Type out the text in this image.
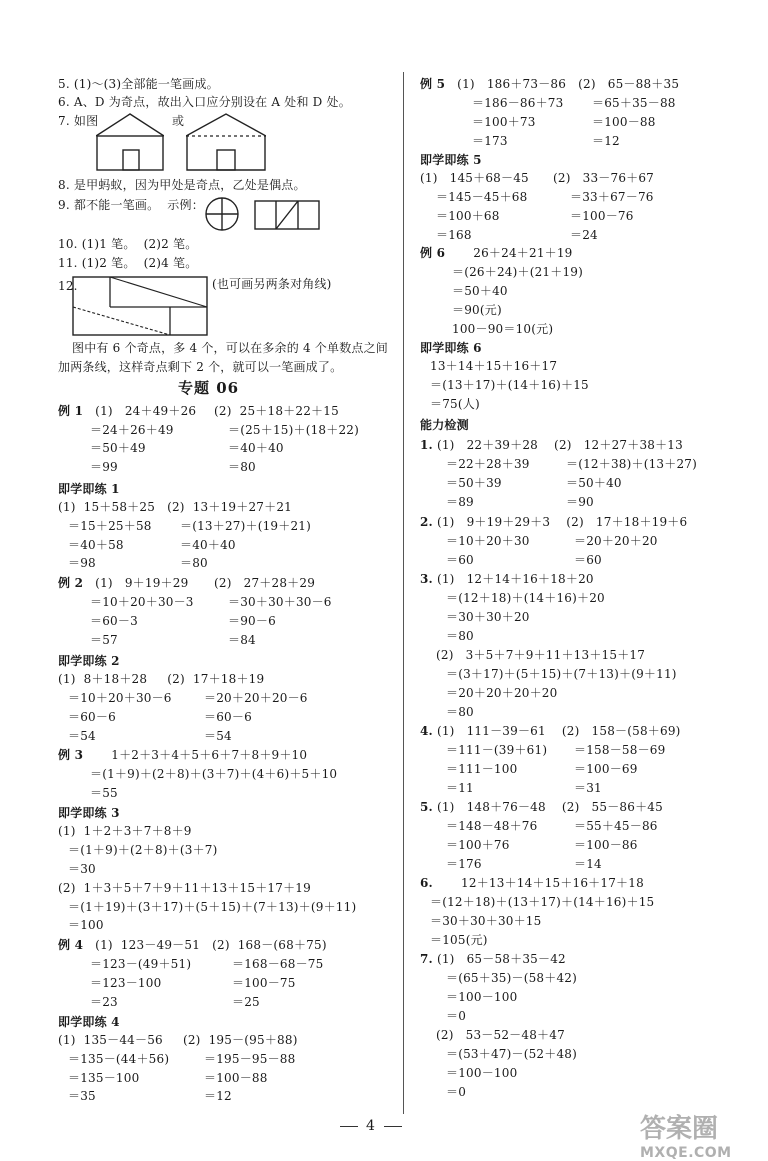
5. (1)～(3)全部能一笔画成。
6. A、D 为奇点，故出入口应分别设在 A 处和 D 处。
7. 如图	或
8. 是甲蚂蚁，因为甲处是奇点，乙处是偶点。
9. 都不能一笔画。  示例：
10. (1)1 笔。  (2)2 笔。
11. (1)2 笔。  (2)4 笔。
12.	(也可画另两条对角线)
图中有 6 个奇点，多 4 个，可以在多余的 4 个单数点之间
加两条线，这样奇点剩下 2 个，就可以一笔画成了。
专题 06
例 1   (1)   24＋49＋26 (2)  25＋18＋22＋15
＝24＋26＋49	＝(25＋15)＋(18＋22)
＝50＋49	＝40＋40
＝99	＝80
即学即练 1
(1)  15＋58＋25   (2)  13＋19＋27＋21
＝15＋25＋58 ＝(13＋27)＋(19＋21)
＝40＋58	＝40＋40
＝98	＝80
例 2   (1)   9＋19＋29 (2)   27＋28＋29
＝10＋20＋30－3	＝30＋30＋30－6
＝60－3	＝90－6
＝57	＝84
即学即练 2
(1)  8＋18＋28     (2)  17＋18＋19
＝10＋20＋30－6	＝20＋20＋20－6
＝60－6	＝60－6
＝54	＝54
例 3       1＋2＋3＋4＋5＋6＋7＋8＋9＋10
＝(1＋9)＋(2＋8)＋(3＋7)＋(4＋6)＋5＋10
＝55
即学即练 3
(1)  1＋2＋3＋7＋8＋9
＝(1＋9)＋(2＋8)＋(3＋7)
＝30
(2)  1＋3＋5＋7＋9＋11＋13＋15＋17＋19
＝(1＋19)＋(3＋17)＋(5＋15)＋(7＋13)＋(9＋11)
＝100
例 4   (1)  123－49－51   (2)  168－(68＋75)
＝123－(49＋51)	＝168－68－75
＝123－100	＝100－75
＝23	＝25
即学即练 4
(1)  135－44－56     (2)  195－(95＋88)
＝135－(44＋56)	＝195－95－88
＝135－100	＝100－88
＝35	＝12
例 5   (1)   186＋73－86   (2)   65－88＋35
＝186－86＋73 ＝65＋35－88
＝100＋73	＝100－88
＝173	＝12
即学即练 5
(1)   145＋68－45      (2)   33－76＋67
＝145－45＋68	＝33＋67－76
＝100＋68	＝100－76
＝168	＝24
例 6       26＋24＋21＋19
＝(26＋24)＋(21＋19)
＝50＋40
＝90(元)
100－90＝10(元)
即学即练 6
13＋14＋15＋16＋17
＝(13＋17)＋(14＋16)＋15
＝75(人)
能力检测
1. (1)   22＋39＋28    (2)   12＋27＋38＋13
＝22＋28＋39	＝(12＋38)＋(13＋27)
＝50＋39	＝50＋40
＝89	＝90
2. (1)   9＋19＋29＋3    (2)   17＋18＋19＋6
＝10＋20＋30	＝20＋20＋20
＝60	＝60
3. (1)   12＋14＋16＋18＋20
＝(12＋18)＋(14＋16)＋20
＝30＋30＋20
＝80
(2)   3＋5＋7＋9＋11＋13＋15＋17
＝(3＋17)＋(5＋15)＋(7＋13)＋(9＋11)
＝20＋20＋20＋20
＝80
4. (1)   111－39－61    (2)   158－(58＋69)
＝111－(39＋61) ＝158－58－69
＝111－100	＝100－69
＝11	＝31
5. (1)   148＋76－48    (2)   55－86＋45
＝148－48＋76	＝55＋45－86
＝100＋76	＝100－86
＝176	＝14
6.       12＋13＋14＋15＋16＋17＋18
＝(12＋18)＋(13＋17)＋(14＋16)＋15
＝30＋30＋30＋15
＝105(元)
7. (1)   65－58＋35－42
＝(65＋35)－(58＋42)
＝100－100
＝0
(2)   53－52－48＋47
＝(53＋47)－(52＋48)
＝100－100
＝0
4	答案圈
MXQE.COM
